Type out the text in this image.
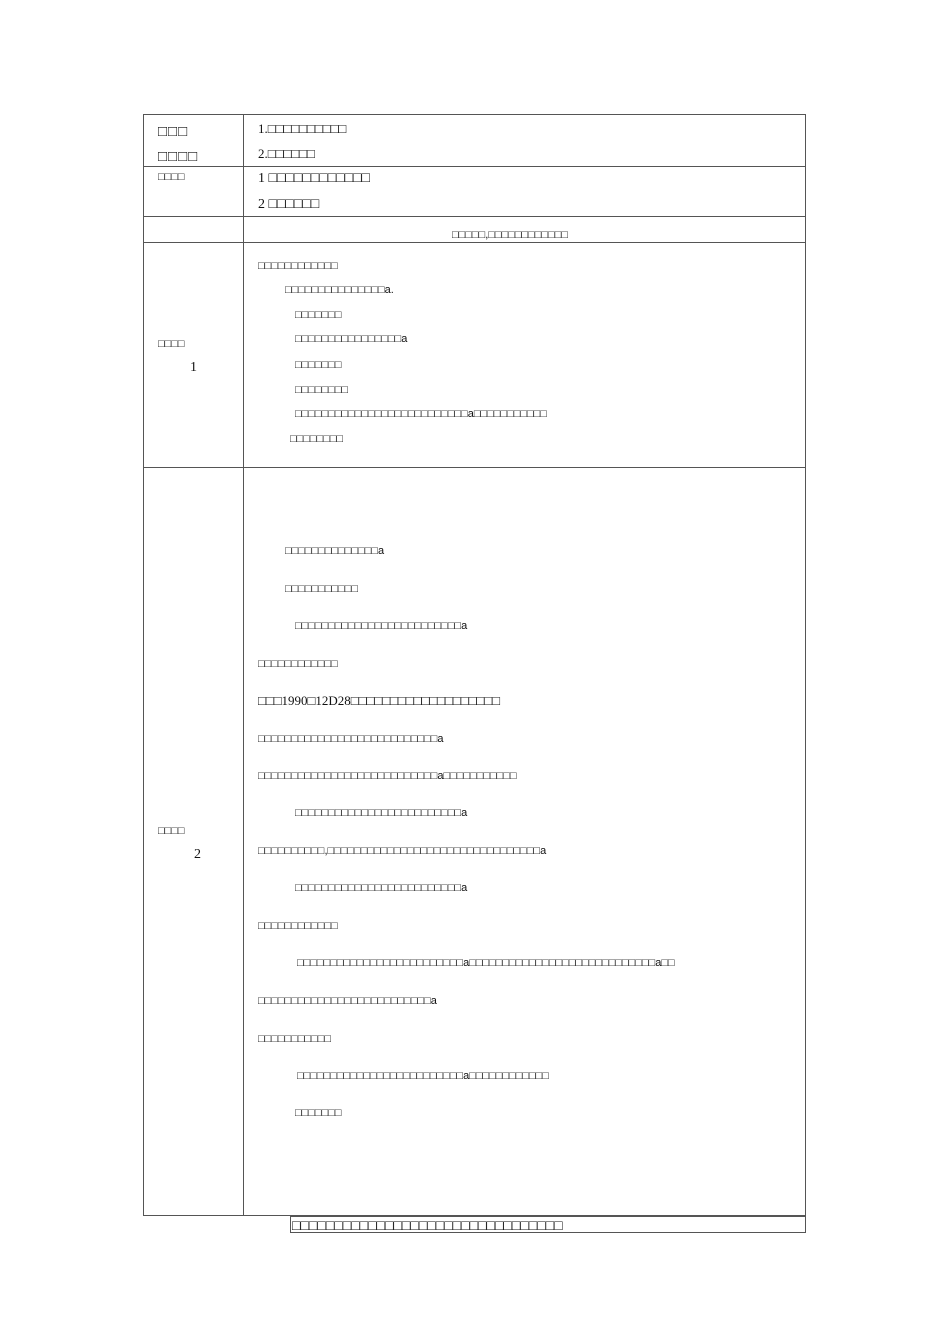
□□□
□□□□
1.□□□□□□□□□□
2.□□□□□□
□□□□	1 □□□□□□□□□□□□
2 □□□□□□
□□□□□,□□□□□□□□□□□□
□□□□
1
□□□□□□□□□□□□
□□□□□□□□□□□□□□□a.
□□□□□□□
□□□□□□□□□□□□□□□□a
□□□□□□□
□□□□□□□□
□□□□□□□□□□□□□□□□□□□□□□□□□□a□□□□□□□□□□□
□□□□□□□□
□□□□
2
□□□□□□□□□□□□□□a
□□□□□□□□□□□
□□□□□□□□□□□□□□□□□□□□□□□□□a
□□□□□□□□□□□□
□□□1990□12D28□□□□□□□□□□□□□□□□□□□
□□□□□□□□□□□□□□□□□□□□□□□□□□□a
□□□□□□□□□□□□□□□□□□□□□□□□□□□a□□□□□□□□□□□
□□□□□□□□□□□□□□□□□□□□□□□□□a
□□□□□□□□□□,□□□□□□□□□□□□□□□□□□□□□□□□□□□□□□□□a
□□□□□□□□□□□□□□□□□□□□□□□□□a
□□□□□□□□□□□□
□□□□□□□□□□□□□□□□□□□□□□□□□a□□□□□□□□□□□□□□□□□□□□□□□□□□□□a□□
□□□□□□□□□□□□□□□□□□□□□□□□□□a
□□□□□□□□□□□
□□□□□□□□□□□□□□□□□□□□□□□□□a□□□□□□□□□□□□
□□□□□□□
□□□□□□□□□□□□□□□□□□□□□□□□□□□□□□□□
